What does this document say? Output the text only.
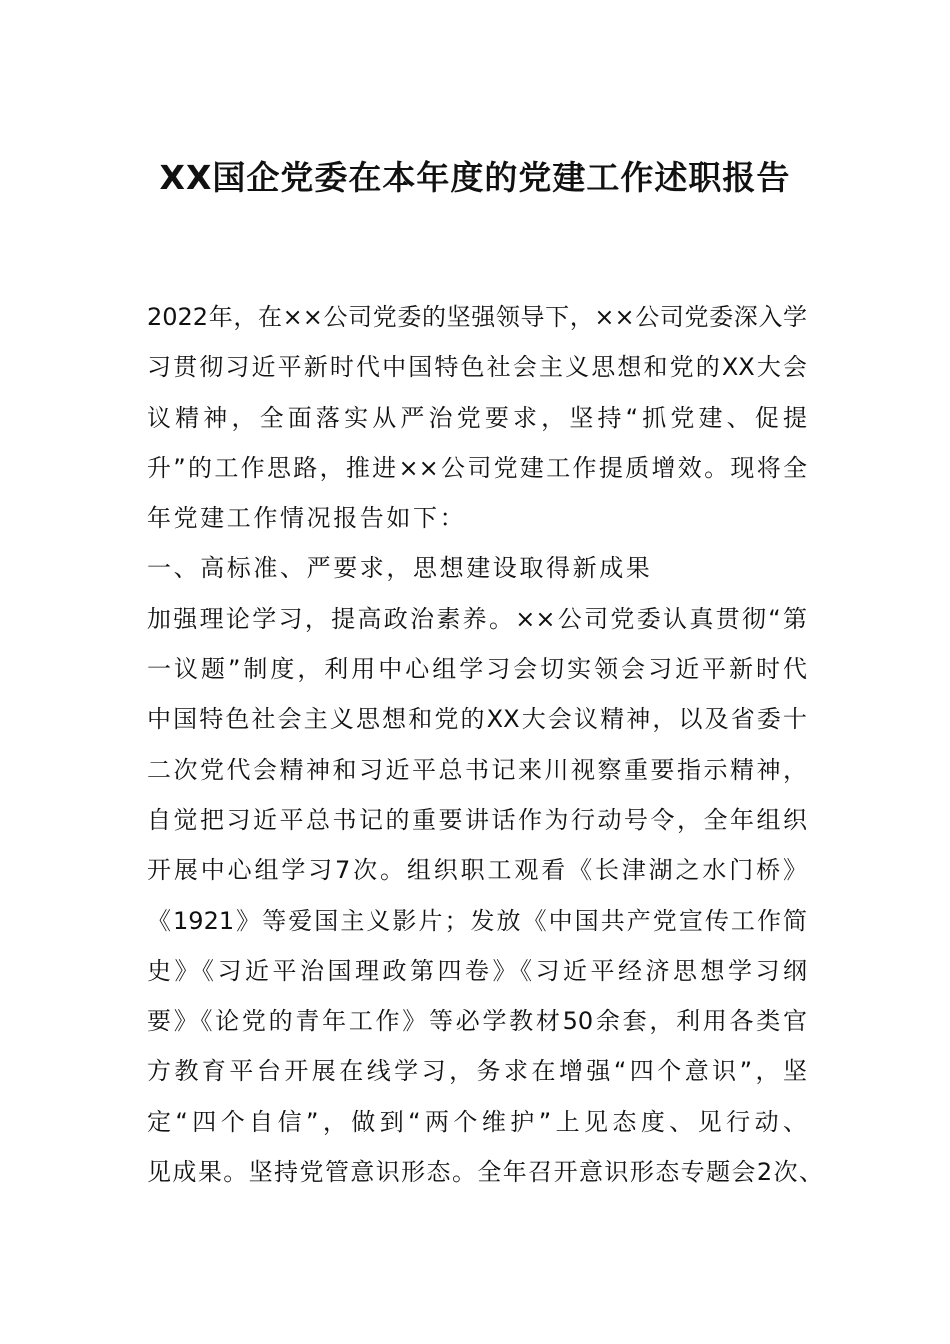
XX国企党委在本年度的党建工作述职报告
2022年，在××公司党委的坚强领导下，××公司党委深入学
习贯彻习近平新时代中国特色社会主义思想和党的XX大会
议精神，全面落实从严治党要求，坚持“抓党建、促提
升”的工作思路，推进××公司党建工作提质增效。现将全
年党建工作情况报告如下：
一、高标准、严要求，思想建设取得新成果
加强理论学习，提高政治素养。××公司党委认真贯彻“第
一议题”制度，利用中心组学习会切实领会习近平新时代
中国特色社会主义思想和党的XX大会议精神，以及省委十
二次党代会精神和习近平总书记来川视察重要指示精神，
自觉把习近平总书记的重要讲话作为行动号令，全年组织
开展中心组学习7次。组织职工观看《长津湖之水门桥》
《1921》等爱国主义影片；发放《中国共产党宣传工作简
史》《习近平治国理政第四卷》《习近平经济思想学习纲
要》《论党的青年工作》等必学教材50余套，利用各类官
方教育平台开展在线学习，务求在增强“四个意识”，坚
定“四个自信”，做到“两个维护”上见态度、见行动、
见成果。坚持党管意识形态。全年召开意识形态专题会2次、
